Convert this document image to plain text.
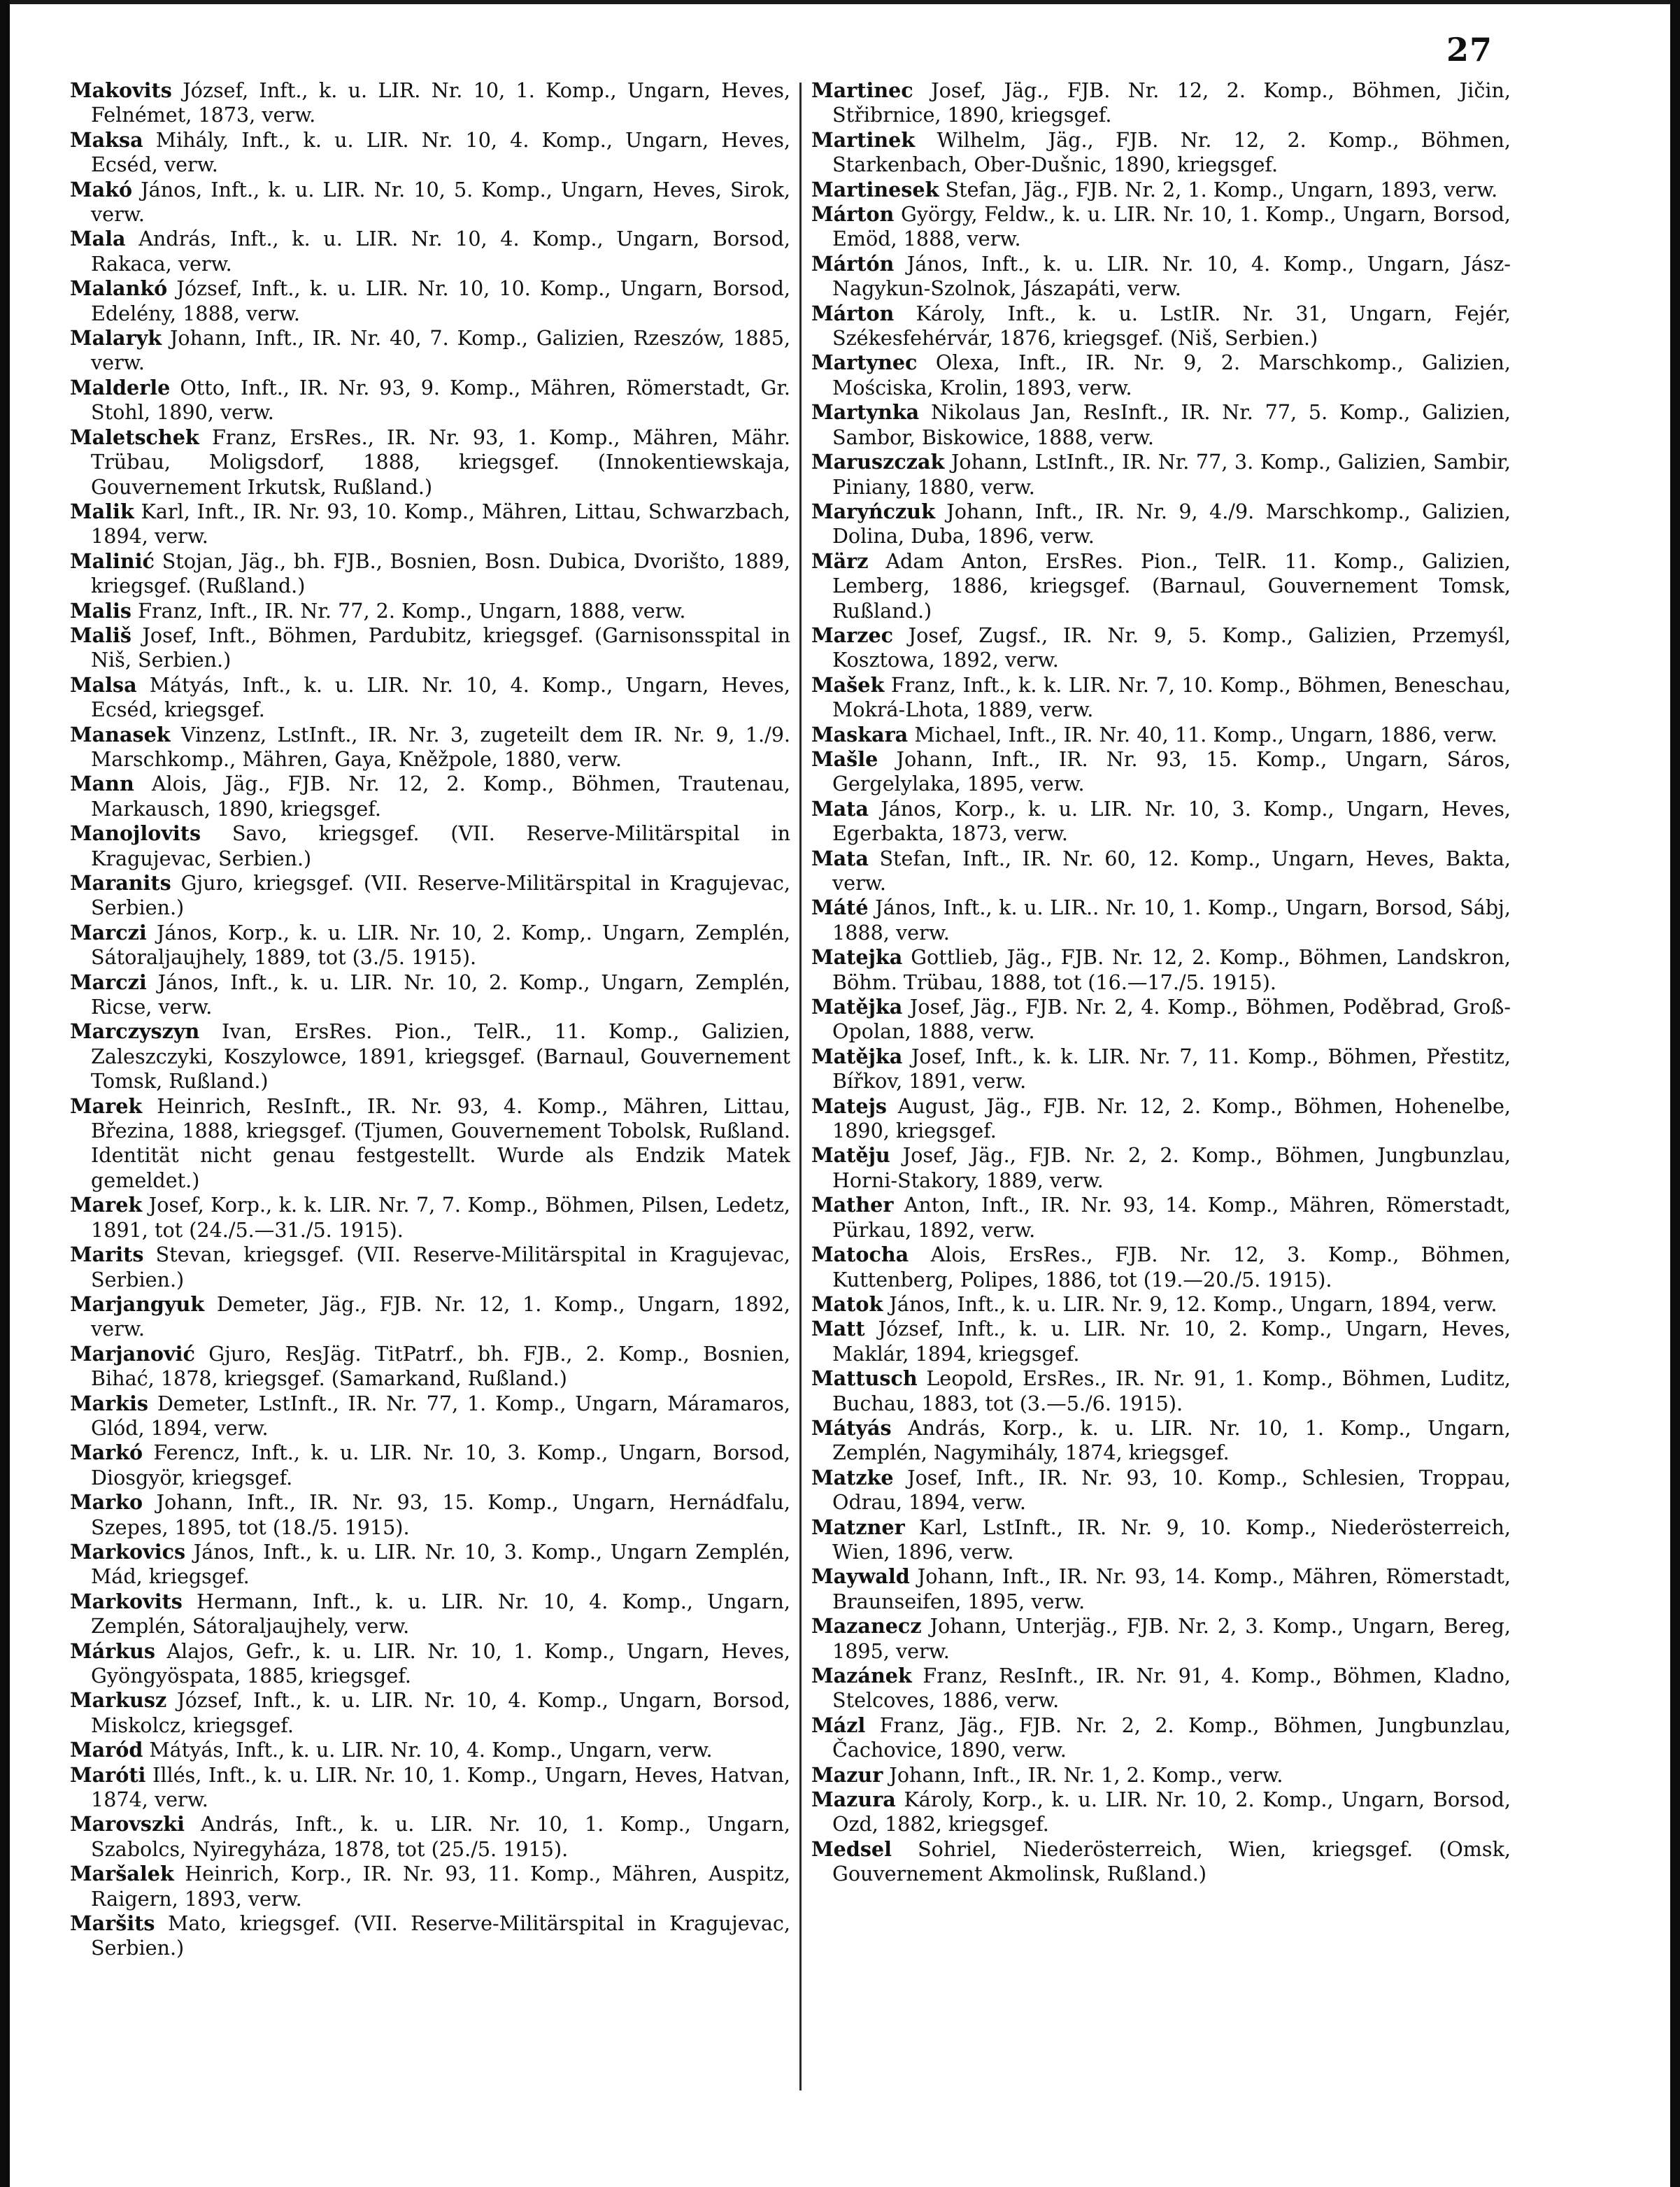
27

Makovits József, Inft., k. u. LIR. Nr. 10, 1. Komp., Ungarn, Heves, Felnémet, 1873, verw.

Maksa Mihály, Inft., k. u. LIR. Nr. 10, 4. Komp., Ungarn, Heves, Ecséd, verw.

Makó János, Inft., k. u. LIR. Nr. 10, 5. Komp., Ungarn, Heves, Sirok, verw.

Mala András, Inft., k. u. LIR. Nr. 10, 4. Komp., Ungarn, Borsod, Rakaca, verw.

Malankó József, Inft., k. u. LIR. Nr. 10, 10. Komp., Ungarn, Borsod, Edelény, 1888, verw.

Malaryk Johann, Inft., IR. Nr. 40, 7. Komp., Galizien, Rzeszów, 1885, verw.

Malderle Otto, Inft., IR. Nr. 93, 9. Komp., Mähren, Römerstadt, Gr. Stohl, 1890, verw.

Maletschek Franz, ErsRes., IR. Nr. 93, 1. Komp., Mähren, Mähr. Trübau, Moligsdorf, 1888, kriegsgef. (Innokentiewskaja, Gouvernement Irkutsk, Rußland.)

Malik Karl, Inft., IR. Nr. 93, 10. Komp., Mähren, Littau, Schwarzbach, 1894, verw.

Malinić Stojan, Jäg., bh. FJB., Bosnien, Bosn. Dubica, Dvorišto, 1889, kriegsgef. (Rußland.)

Malis Franz, Inft., IR. Nr. 77, 2. Komp., Ungarn, 1888, verw.

Mališ Josef, Inft., Böhmen, Pardubitz, kriegsgef. (Garnisonsspital in Niš, Serbien.)

Malsa Mátyás, Inft., k. u. LIR. Nr. 10, 4. Komp., Ungarn, Heves, Ecséd, kriegsgef.

Manasek Vinzenz, LstInft., IR. Nr. 3, zugeteilt dem IR. Nr. 9, 1./9. Marschkomp., Mähren, Gaya, Kněžpole, 1880, verw.

Mann Alois, Jäg., FJB. Nr. 12, 2. Komp., Böhmen, Trautenau, Markausch, 1890, kriegsgef.

Manojlovits Savo, kriegsgef. (VII. Reserve-Militärspital in Kragujevac, Serbien.)

Maranits Gjuro, kriegsgef. (VII. Reserve-Militärspital in Kragujevac, Serbien.)

Marczi János, Korp., k. u. LIR. Nr. 10, 2. Komp,. Ungarn, Zemplén, Sátoraljaujhely, 1889, tot (3./5. 1915).

Marczi János, Inft., k. u. LIR. Nr. 10, 2. Komp., Ungarn, Zemplén, Ricse, verw.

Marczyszyn Ivan, ErsRes. Pion., TelR., 11. Komp., Galizien, Zaleszczyki, Koszylowce, 1891, kriegsgef. (Barnaul, Gouvernement Tomsk, Rußland.)

Marek Heinrich, ResInft., IR. Nr. 93, 4. Komp., Mähren, Littau, Březina, 1888, kriegsgef. (Tjumen, Gouvernement Tobolsk, Rußland. Identität nicht genau festgestellt. Wurde als Endzik Matek gemeldet.)

Marek Josef, Korp., k. k. LIR. Nr. 7, 7. Komp., Böhmen, Pilsen, Ledetz, 1891, tot (24./5.—31./5. 1915).

Marits Stevan, kriegsgef. (VII. Reserve-Militärspital in Kragujevac, Serbien.)

Marjangyuk Demeter, Jäg., FJB. Nr. 12, 1. Komp., Ungarn, 1892, verw.

Marjanović Gjuro, ResJäg. TitPatrf., bh. FJB., 2. Komp., Bosnien, Bihać, 1878, kriegsgef. (Samarkand, Rußland.)

Markis Demeter, LstInft., IR. Nr. 77, 1. Komp., Ungarn, Máramaros, Glód, 1894, verw.

Markó Ferencz, Inft., k. u. LIR. Nr. 10, 3. Komp., Ungarn, Borsod, Diosgyör, kriegsgef.

Marko Johann, Inft., IR. Nr. 93, 15. Komp., Ungarn, Hernádfalu, Szepes, 1895, tot (18./5. 1915).

Markovics János, Inft., k. u. LIR. Nr. 10, 3. Komp., Ungarn Zemplén, Mád, kriegsgef.

Markovits Hermann, Inft., k. u. LIR. Nr. 10, 4. Komp., Ungarn, Zemplén, Sátoraljaujhely, verw.

Márkus Alajos, Gefr., k. u. LIR. Nr. 10, 1. Komp., Ungarn, Heves, Gyöngyöspata, 1885, kriegsgef.

Markusz József, Inft., k. u. LIR. Nr. 10, 4. Komp., Ungarn, Borsod, Miskolcz, kriegsgef.

Maród Mátyás, Inft., k. u. LIR. Nr. 10, 4. Komp., Ungarn, verw.

Maróti Illés, Inft., k. u. LIR. Nr. 10, 1. Komp., Ungarn, Heves, Hatvan, 1874, verw.

Marovszki András, Inft., k. u. LIR. Nr. 10, 1. Komp., Ungarn, Szabolcs, Nyiregyháza, 1878, tot (25./5. 1915).

Maršalek Heinrich, Korp., IR. Nr. 93, 11. Komp., Mähren, Auspitz, Raigern, 1893, verw.

Maršits Mato, kriegsgef. (VII. Reserve-Militärspital in Kragujevac, Serbien.)

Martinec Josef, Jäg., FJB. Nr. 12, 2. Komp., Böhmen, Jičin, Střibrnice, 1890, kriegsgef.

Martinek Wilhelm, Jäg., FJB. Nr. 12, 2. Komp., Böhmen, Starkenbach, Ober-Dušnic, 1890, kriegsgef.

Martinesek Stefan, Jäg., FJB. Nr. 2, 1. Komp., Ungarn, 1893, verw.

Márton György, Feldw., k. u. LIR. Nr. 10, 1. Komp., Ungarn, Borsod, Emöd, 1888, verw.

Mártón János, Inft., k. u. LIR. Nr. 10, 4. Komp., Ungarn, Jász-Nagykun-Szolnok, Jászapáti, verw.

Márton Károly, Inft., k. u. LstIR. Nr. 31, Ungarn, Fejér, Székesfehérvár, 1876, kriegsgef. (Niš, Serbien.)

Martynec Olexa, Inft., IR. Nr. 9, 2. Marschkomp., Galizien, Mościska, Krolin, 1893, verw.

Martynka Nikolaus Jan, ResInft., IR. Nr. 77, 5. Komp., Galizien, Sambor, Biskowice, 1888, verw.

Maruszczak Johann, LstInft., IR. Nr. 77, 3. Komp., Galizien, Sambir, Piniany, 1880, verw.

Maryńczuk Johann, Inft., IR. Nr. 9, 4./9. Marschkomp., Galizien, Dolina, Duba, 1896, verw.

März Adam Anton, ErsRes. Pion., TelR. 11. Komp., Galizien, Lemberg, 1886, kriegsgef. (Barnaul, Gouvernement Tomsk, Rußland.)

Marzec Josef, Zugsf., IR. Nr. 9, 5. Komp., Galizien, Przemyśl, Kosztowa, 1892, verw.

Mašek Franz, Inft., k. k. LIR. Nr. 7, 10. Komp., Böhmen, Beneschau, Mokrá-Lhota, 1889, verw.

Maskara Michael, Inft., IR. Nr. 40, 11. Komp., Ungarn, 1886, verw.

Mašle Johann, Inft., IR. Nr. 93, 15. Komp., Ungarn, Sáros, Gergelylaka, 1895, verw.

Mata János, Korp., k. u. LIR. Nr. 10, 3. Komp., Ungarn, Heves, Egerbakta, 1873, verw.

Mata Stefan, Inft., IR. Nr. 60, 12. Komp., Ungarn, Heves, Bakta, verw.

Máté János, Inft., k. u. LIR.. Nr. 10, 1. Komp., Ungarn, Borsod, Sábj, 1888, verw.

Matejka Gottlieb, Jäg., FJB. Nr. 12, 2. Komp., Böhmen, Landskron, Böhm. Trübau, 1888, tot (16.—17./5. 1915).

Matějka Josef, Jäg., FJB. Nr. 2, 4. Komp., Böhmen, Poděbrad, Groß-Opolan, 1888, verw.

Matějka Josef, Inft., k. k. LIR. Nr. 7, 11. Komp., Böhmen, Přestitz, Bířkov, 1891, verw.

Matejs August, Jäg., FJB. Nr. 12, 2. Komp., Böhmen, Hohenelbe, 1890, kriegsgef.

Matěju Josef, Jäg., FJB. Nr. 2, 2. Komp., Böhmen, Jungbunzlau, Horni-Stakory, 1889, verw.

Mather Anton, Inft., IR. Nr. 93, 14. Komp., Mähren, Römerstadt, Pürkau, 1892, verw.

Matocha Alois, ErsRes., FJB. Nr. 12, 3. Komp., Böhmen, Kuttenberg, Polipes, 1886, tot (19.—20./5. 1915).

Matok János, Inft., k. u. LIR. Nr. 9, 12. Komp., Ungarn, 1894, verw.

Matt József, Inft., k. u. LIR. Nr. 10, 2. Komp., Ungarn, Heves, Maklár, 1894, kriegsgef.

Mattusch Leopold, ErsRes., IR. Nr. 91, 1. Komp., Böhmen, Luditz, Buchau, 1883, tot (3.—5./6. 1915).

Mátyás András, Korp., k. u. LIR. Nr. 10, 1. Komp., Ungarn, Zemplén, Nagymihály, 1874, kriegsgef.

Matzke Josef, Inft., IR. Nr. 93, 10. Komp., Schlesien, Troppau, Odrau, 1894, verw.

Matzner Karl, LstInft., IR. Nr. 9, 10. Komp., Niederösterreich, Wien, 1896, verw.

Maywald Johann, Inft., IR. Nr. 93, 14. Komp., Mähren, Römerstadt, Braunseifen, 1895, verw.

Mazanecz Johann, Unterjäg., FJB. Nr. 2, 3. Komp., Ungarn, Bereg, 1895, verw.

Mazánek Franz, ResInft., IR. Nr. 91, 4. Komp., Böhmen, Kladno, Stelcoves, 1886, verw.

Mázl Franz, Jäg., FJB. Nr. 2, 2. Komp., Böhmen, Jungbunzlau, Čachovice, 1890, verw.

Mazur Johann, Inft., IR. Nr. 1, 2. Komp., verw.

Mazura Károly, Korp., k. u. LIR. Nr. 10, 2. Komp., Ungarn, Borsod, Ozd, 1882, kriegsgef.

Medsel Sohriel, Niederösterreich, Wien, kriegsgef. (Omsk, Gouvernement Akmolinsk, Rußland.)
